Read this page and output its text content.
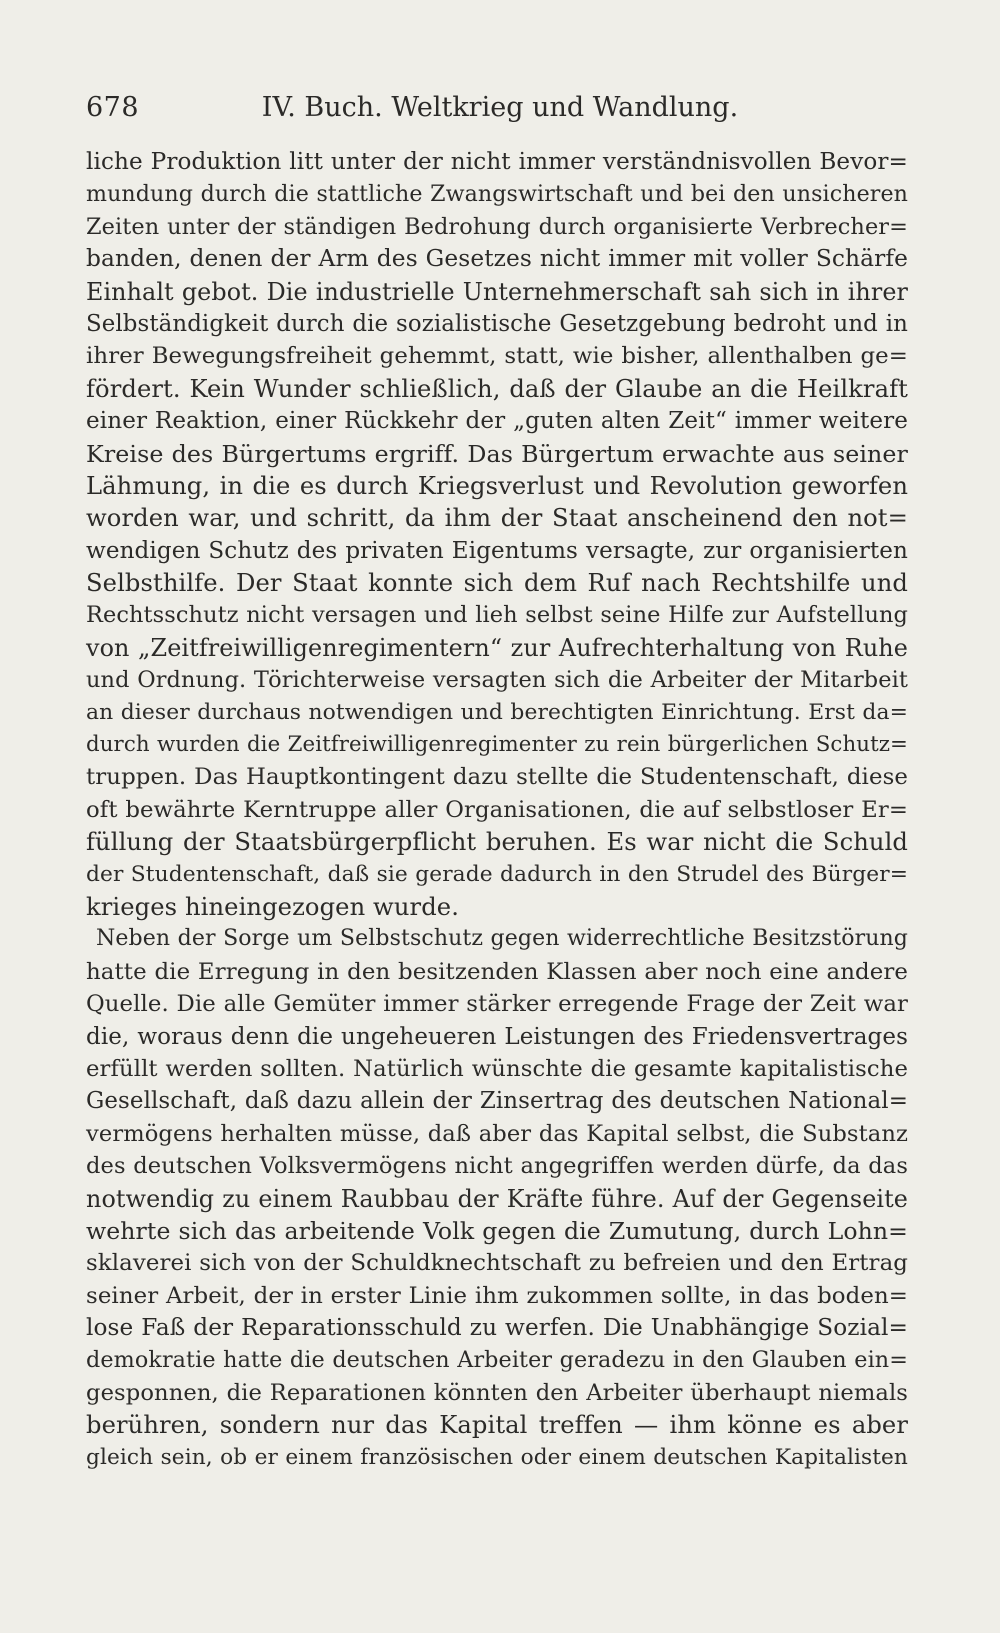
678	IV. Buch. Weltkrieg und Wandlung.
liche Produktion litt unter der nicht immer verständnisvollen Bevor=
mundung durch die stattliche Zwangswirtschaft und bei den unsicheren
Zeiten unter der ständigen Bedrohung durch organisierte Verbrecher=
banden, denen der Arm des Gesetzes nicht immer mit voller Schärfe
Einhalt gebot. Die industrielle Unternehmerschaft sah sich in ihrer
Selbständigkeit durch die sozialistische Gesetzgebung bedroht und in
ihrer Bewegungsfreiheit gehemmt, statt, wie bisher, allenthalben ge=
fördert. Kein Wunder schließlich, daß der Glaube an die Heilkraft
einer Reaktion, einer Rückkehr der „guten alten Zeit“ immer weitere
Kreise des Bürgertums ergriff. Das Bürgertum erwachte aus seiner
Lähmung, in die es durch Kriegsverlust und Revolution geworfen
worden war, und schritt, da ihm der Staat anscheinend den not=
wendigen Schutz des privaten Eigentums versagte, zur organisierten
Selbsthilfe. Der Staat konnte sich dem Ruf nach Rechtshilfe und
Rechtsschutz nicht versagen und lieh selbst seine Hilfe zur Aufstellung
von „Zeitfreiwilligenregimentern“ zur Aufrechterhaltung von Ruhe
und Ordnung. Törichterweise versagten sich die Arbeiter der Mitarbeit
an dieser durchaus notwendigen und berechtigten Einrichtung. Erst da=
durch wurden die Zeitfreiwilligenregimenter zu rein bürgerlichen Schutz=
truppen. Das Hauptkontingent dazu stellte die Studentenschaft, diese
oft bewährte Kerntruppe aller Organisationen, die auf selbstloser Er=
füllung der Staatsbürgerpflicht beruhen. Es war nicht die Schuld
der Studentenschaft, daß sie gerade dadurch in den Strudel des Bürger=
krieges hineingezogen wurde.
Neben der Sorge um Selbstschutz gegen widerrechtliche Besitzstörung
hatte die Erregung in den besitzenden Klassen aber noch eine andere
Quelle. Die alle Gemüter immer stärker erregende Frage der Zeit war
die, woraus denn die ungeheueren Leistungen des Friedensvertrages
erfüllt werden sollten. Natürlich wünschte die gesamte kapitalistische
Gesellschaft, daß dazu allein der Zinsertrag des deutschen National=
vermögens herhalten müsse, daß aber das Kapital selbst, die Substanz
des deutschen Volksvermögens nicht angegriffen werden dürfe, da das
notwendig zu einem Raubbau der Kräfte führe. Auf der Gegenseite
wehrte sich das arbeitende Volk gegen die Zumutung, durch Lohn=
sklaverei sich von der Schuldknechtschaft zu befreien und den Ertrag
seiner Arbeit, der in erster Linie ihm zukommen sollte, in das boden=
lose Faß der Reparationsschuld zu werfen. Die Unabhängige Sozial=
demokratie hatte die deutschen Arbeiter geradezu in den Glauben ein=
gesponnen, die Reparationen könnten den Arbeiter überhaupt niemals
berühren, sondern nur das Kapital treffen — ihm könne es aber
gleich sein, ob er einem französischen oder einem deutschen Kapitalisten
